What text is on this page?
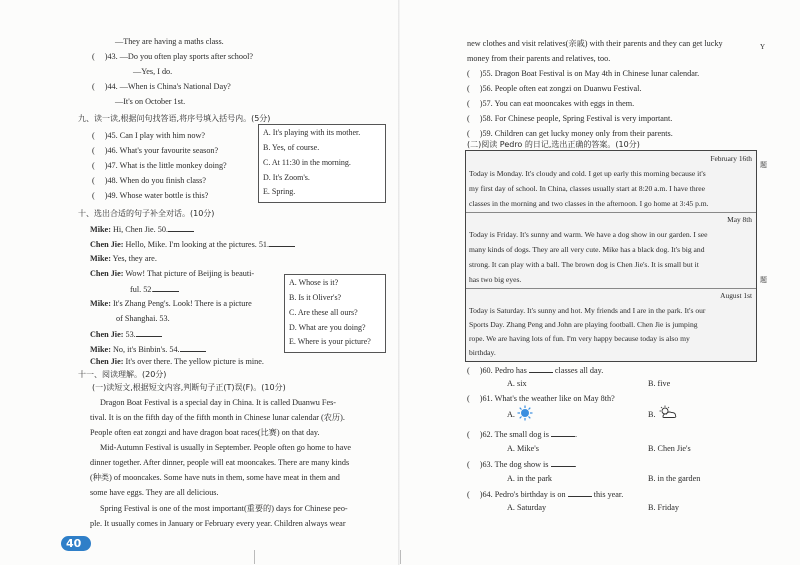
—They are having a maths class.
( )43. —Do you often play sports after school?
—Yes, I do.
( )44. —When is China's National Day?
—It's on October 1st.
九、读一读,根据问句找答语,将序号填入括号内。(5分)
( )45. Can I play with him now?
( )46. What's your favourite season?
( )47. What is the little monkey doing?
( )48. When do you finish class?
( )49. Whose water bottle is this?
A. It's playing with its mother.
B. Yes, of course.
C. At 11:30 in the morning.
D. It's Zoom's.
E. Spring.
十、选出合适的句子补全对话。(10分)
Mike: Hi, Chen Jie. 50.
Chen Jie: Hello, Mike. I'm looking at the pictures. 51.
Mike: Yes, they are.
Chen Jie: Wow! That picture of Beijing is beauti-
ful. 52.
Mike: It's Zhang Peng's. Look! There is a picture
of Shanghai. 53.
Chen Jie: 53.
Mike: No, it's Binbin's. 54.
Chen Jie: It's over there. The yellow picture is mine.
A. Whose is it?
B. Is it Oliver's?
C. Are these all ours?
D. What are you doing?
E. Where is your picture?
十一、阅读理解。(20分)
(一)读短文,根据短文内容,判断句子正(T)误(F)。(10分)
Dragon Boat Festival is a special day in China. It is called Duanwu Fes-
tival. It is on the fifth day of the fifth month in Chinese lunar calendar (农历).
People often eat zongzi and have dragon boat races(比赛) on that day.
Mid-Autumn Festival is usually in September. People often go home to have
dinner together. After dinner, people will eat mooncakes. There are many kinds
(种类) of mooncakes. Some have nuts in them, some have meat in them and
some have eggs. They are all delicious.
Spring Festival is one of the most important(重要的) days for Chinese peo-
ple. It usually comes in January or February every year. Children always wear
40
new clothes and visit relatives(亲戚) with their parents and they can get lucky
money from their parents and relatives, too.
( )55. Dragon Boat Festival is on May 4th in Chinese lunar calendar.
( )56. People often eat zongzi on Duanwu Festival.
( )57. You can eat mooncakes with eggs in them.
( )58. For Chinese people, Spring Festival is very important.
( )59. Children can get lucky money only from their parents.
(二)阅读 Pedro 的日记,选出正确的答案。(10分)
February 16th
Today is Monday. It's cloudy and cold. I get up early this morning because it's
my first day of school. In China, classes usually start at 8:20 a.m. I have three
classes in the morning and two classes in the afternoon. I go home at 3:45 p.m.
May 8th
Today is Friday. It's sunny and warm. We have a dog show in our garden. I see
many kinds of dogs. They are all very cute. Mike has a black dog. It's big and
strong. It can play with a ball. The brown dog is Chen Jie's. It is small but it
has two big eyes.
August 1st
Today is Saturday. It's sunny and hot. My friends and I are in the park. It's our
Sports Day. Zhang Peng and John are playing football. Chen Jie is jumping
rope. We are having lots of fun. I'm very happy because today is also my
birthday.
Y
题
题
( )60. Pedro has	classes all day.
A. six	B. five
( )61. What's the weather like on May 8th?
A.	B.
( )62. The small dog is	.
A. Mike's	B. Chen Jie's
( )63. The dog show is	.
A. in the park	B. in the garden
( )64. Pedro's birthday is on	this year.
A. Saturday	B. Friday
